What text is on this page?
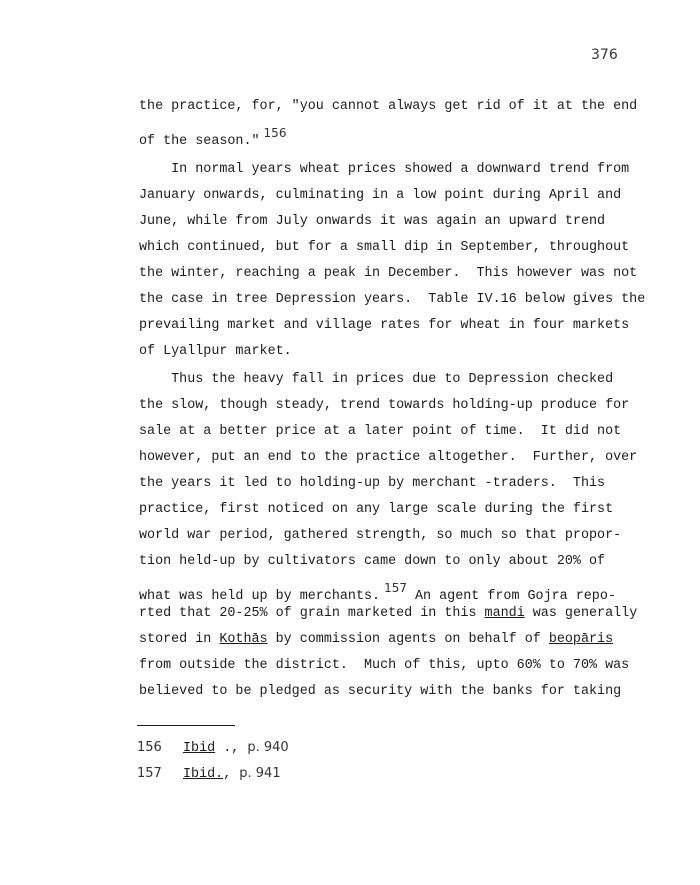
376
the practice, for, "you cannot always get rid of it at the end
of the season."156
In normal years wheat prices showed a downward trend from
January onwards, culminating in a low point during April and
June, while from July onwards it was again an upward trend
which continued, but for a small dip in September, throughout
the winter, reaching a peak in December.  This however was not
the case in tree Depression years.  Table IV.16 below gives the
prevailing market and village rates for wheat in four markets
of Lyallpur market.
Thus the heavy fall in prices due to Depression checked
the slow, though steady, trend towards holding-up produce for
sale at a better price at a later point of time.  It did not
however, put an end to the practice altogether.  Further, over
the years it led to holding-up by merchant -traders.  This
practice, first noticed on any large scale during the first
world war period, gathered strength, so much so that propor-
tion held-up by cultivators came down to only about 20% of
what was held up by merchants.157 An agent from Gojra repo-
rted that 20-25% of grain marketed in this mandi was generally
stored in Kothās by commission agents on behalf of beopāris
from outside the district.  Much of this, upto 60% to 70% was
believed to be pledged as security with the banks for taking
156 Ibid ., p. 940
157 Ibid., p. 941
